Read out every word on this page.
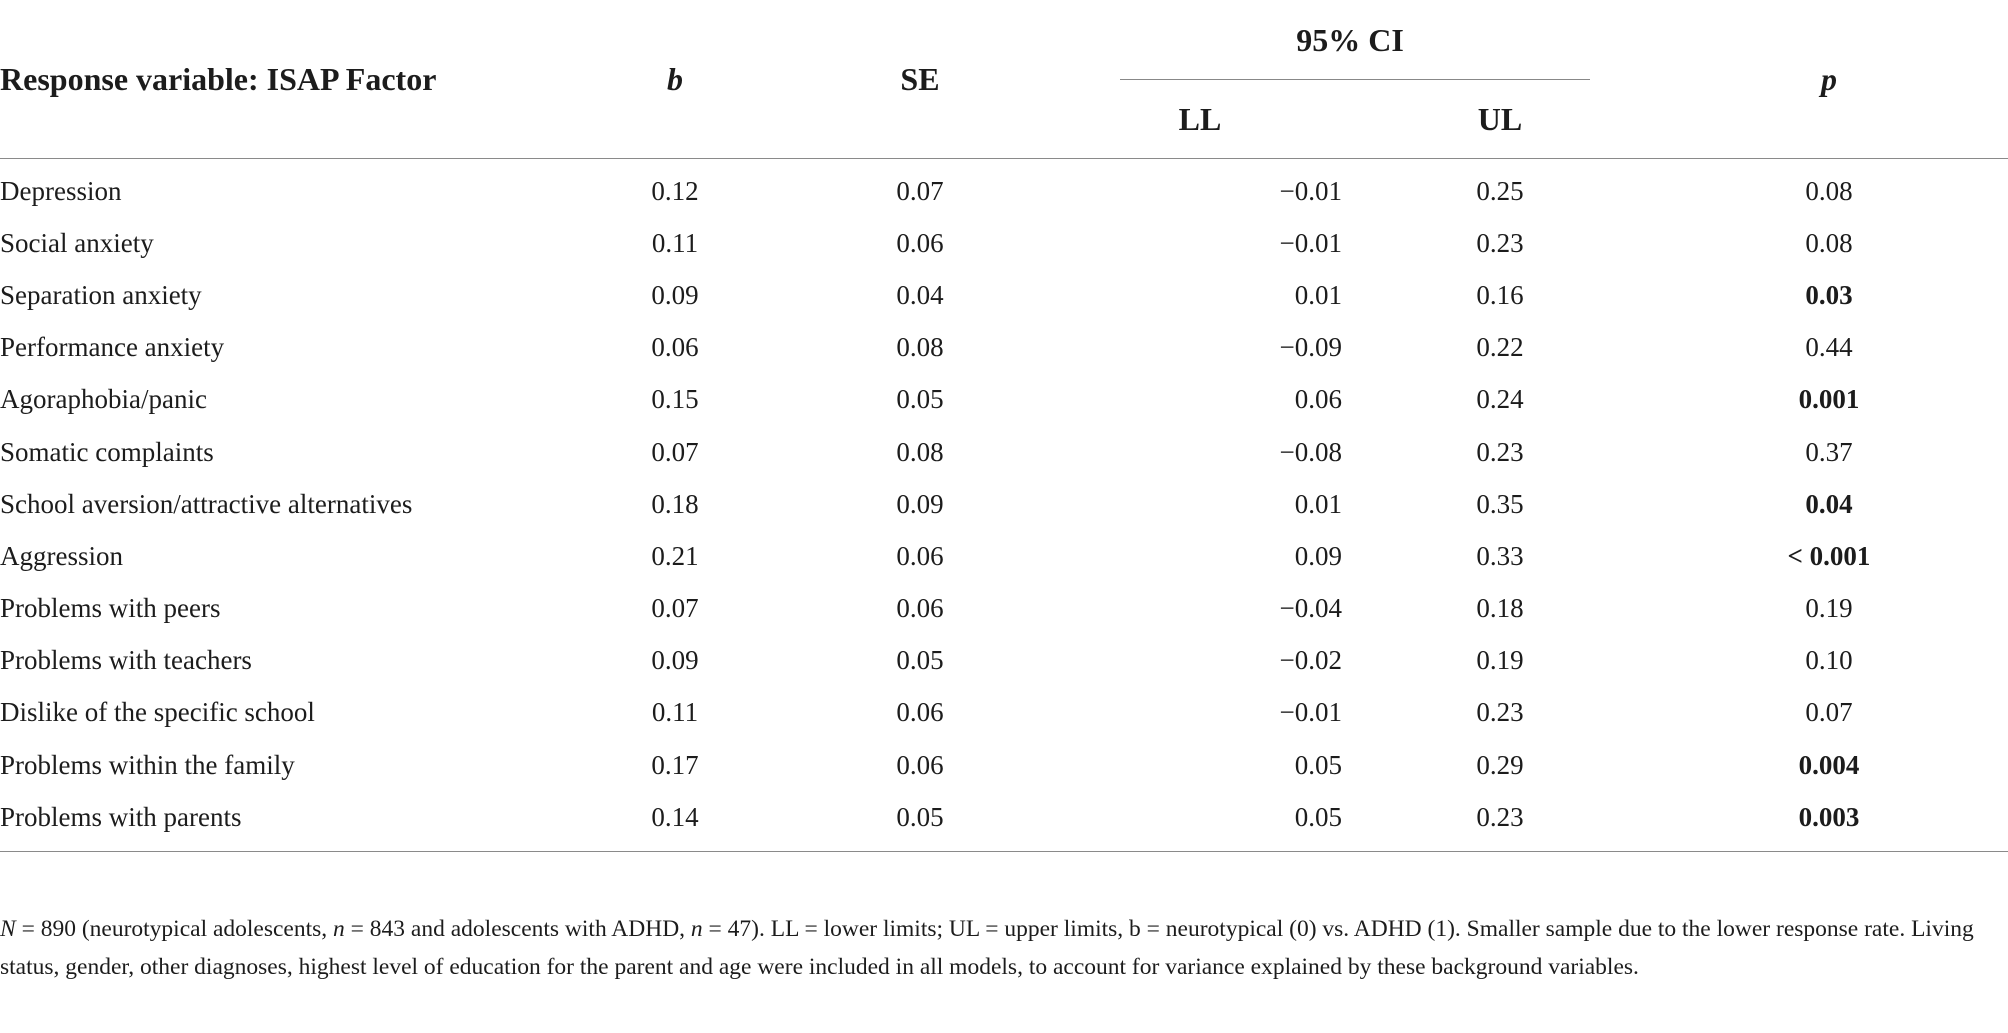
Response variable: ISAP Factor	b	SE	95% CI		p
			LL	UL	
Depression	0.12	0.07	−0.01	0.25	0.08
Social anxiety	0.11	0.06	−0.01	0.23	0.08
Separation anxiety	0.09	0.04	0.01	0.16	0.03
Performance anxiety	0.06	0.08	−0.09	0.22	0.44
Agoraphobia/panic	0.15	0.05	0.06	0.24	0.001
Somatic complaints	0.07	0.08	−0.08	0.23	0.37
School aversion/attractive alternatives	0.18	0.09	0.01	0.35	0.04
Aggression	0.21	0.06	0.09	0.33	< 0.001
Problems with peers	0.07	0.06	−0.04	0.18	0.19
Problems with teachers	0.09	0.05	−0.02	0.19	0.10
Dislike of the specific school	0.11	0.06	−0.01	0.23	0.07
Problems within the family	0.17	0.06	0.05	0.29	0.004
Problems with parents	0.14	0.05	0.05	0.23	0.003
N = 890 (neurotypical adolescents, n = 843 and adolescents with ADHD, n = 47). LL = lower limits; UL = upper limits, b = neurotypical (0) vs. ADHD (1). Smaller sample due to the lower response rate. Living status, gender, other diagnoses, highest level of education for the parent and age were included in all models, to account for variance explained by these background variables.
